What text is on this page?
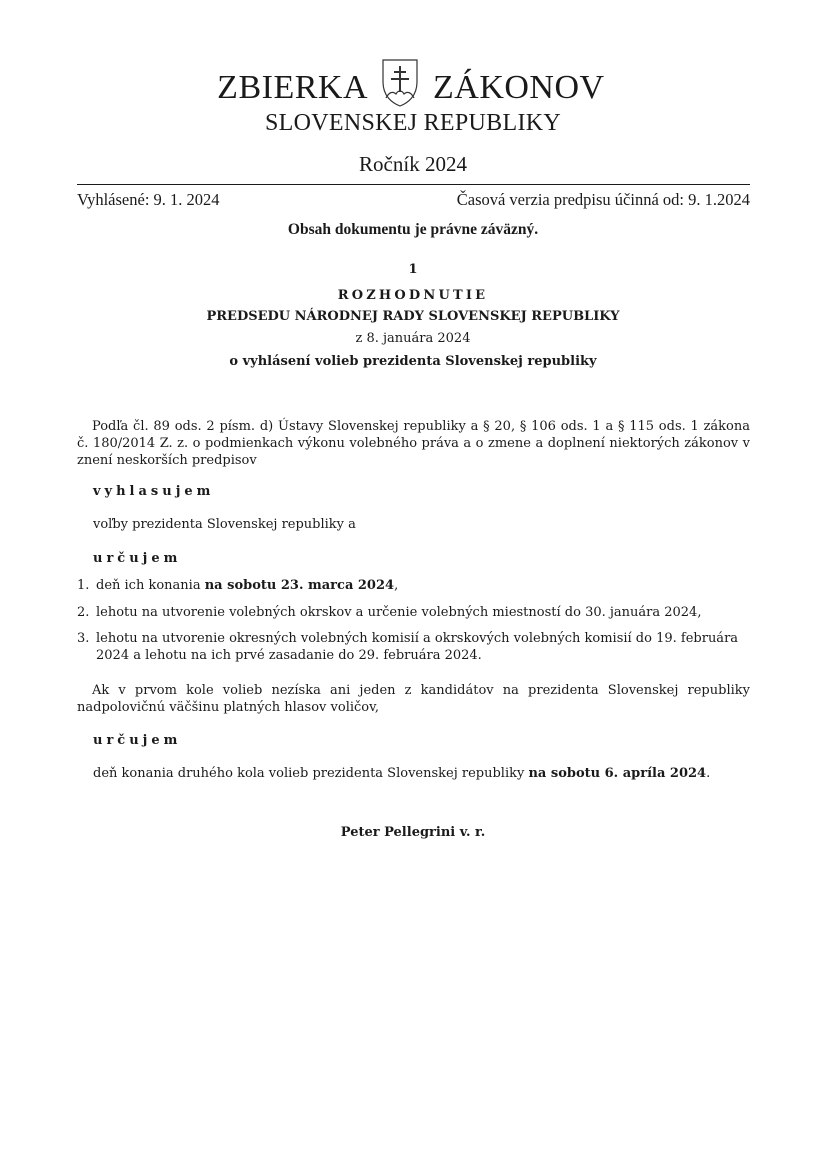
ZBIERKA ZÁKONOV
SLOVENSKEJ REPUBLIKY
Ročník 2024
Vyhlásené: 9. 1. 2024	Časová verzia predpisu účinná od: 9. 1.2024
Obsah dokumentu je právne záväzný.
1
ROZHODNUTIE
PREDSEDU NÁRODNEJ RADY SLOVENSKEJ REPUBLIKY
z 8. januára 2024
o vyhlásení volieb prezidenta Slovenskej republiky

Podľa čl. 89 ods. 2 písm. d) Ústavy Slovenskej republiky a § 20, § 106 ods. 1 a § 115 ods. 1 zákona č. 180/2014 Z. z. o podmienkach výkonu volebného práva a o zmene a doplnení niektorých zákonov v znení neskorších predpisov

vyhlasujem
voľby prezidenta Slovenskej republiky a
určujem
1. deň ich konania na sobotu 23. marca 2024,
2. lehotu na utvorenie volebných okrskov a určenie volebných miestností do 30. januára 2024,
3. lehotu na utvorenie okresných volebných komisií a okrskových volebných komisií do 19. februára 2024 a lehotu na ich prvé zasadanie do 29. februára 2024.

Ak v prvom kole volieb nezíska ani jeden z kandidátov na prezidenta Slovenskej republiky nadpolovičnú väčšinu platných hlasov voličov,

určujem
deň konania druhého kola volieb prezidenta Slovenskej republiky na sobotu 6. apríla 2024.
Peter Pellegrini v. r.
